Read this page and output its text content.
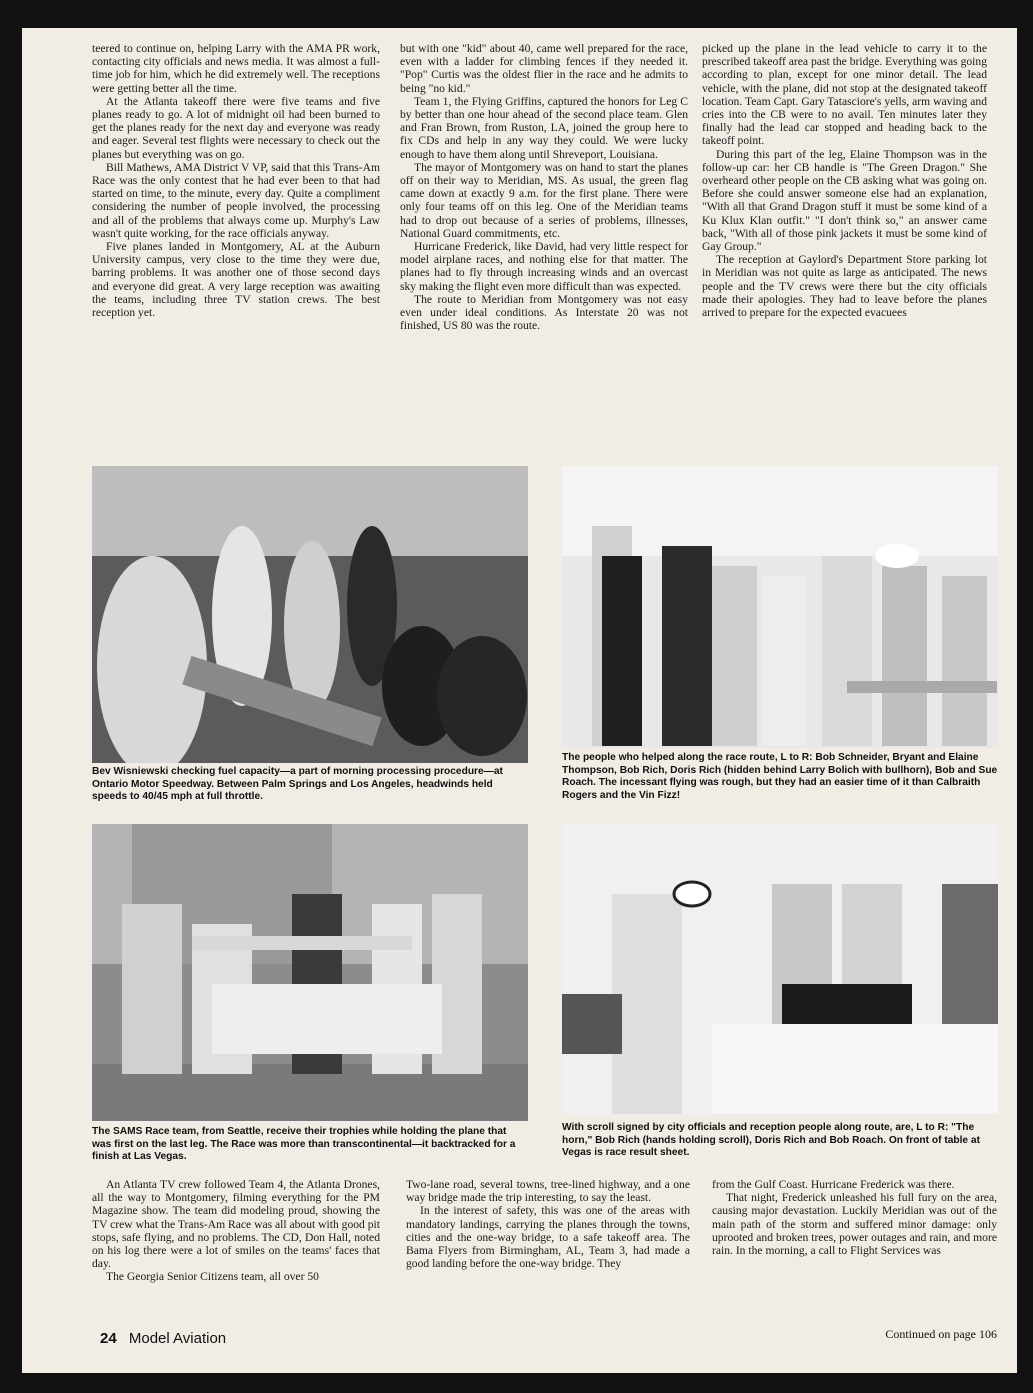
teered to continue on, helping Larry with the AMA PR work, contacting city officials and news media. It was almost a full-time job for him, which he did extremely well. The receptions were getting better all the time.

At the Atlanta takeoff there were five teams and five planes ready to go. A lot of midnight oil had been burned to get the planes ready for the next day and everyone was ready and eager. Several test flights were necessary to check out the planes but everything was on go.

Bill Mathews, AMA District V VP, said that this Trans-Am Race was the only contest that he had ever been to that had started on time, to the minute, every day. Quite a compliment considering the number of people involved, the processing and all of the problems that always come up. Murphy's Law wasn't quite working, for the race officials anyway.

Five planes landed in Montgomery, AL at the Auburn University campus, very close to the time they were due, barring problems. It was another one of those second days and everyone did great. A very large reception was awaiting the teams, including three TV station crews. The best reception yet.

but with one "kid" about 40, came well prepared for the race, even with a ladder for climbing fences if they needed it. "Pop" Curtis was the oldest flier in the race and he admits to being "no kid."

Team 1, the Flying Griffins, captured the honors for Leg C by better than one hour ahead of the second place team. Glen and Fran Brown, from Ruston, LA, joined the group here to fix CDs and help in any way they could. We were lucky enough to have them along until Shreveport, Louisiana.

The mayor of Montgomery was on hand to start the planes off on their way to Meridian, MS. As usual, the green flag came down at exactly 9 a.m. for the first plane. There were only four teams off on this leg. One of the Meridian teams had to drop out because of a series of problems, illnesses, National Guard commitments, etc.

Hurricane Frederick, like David, had very little respect for model airplane races, and nothing else for that matter. The planes had to fly through increasing winds and an overcast sky making the flight even more difficult than was expected.

The route to Meridian from Montgomery was not easy even under ideal conditions. As Interstate 20 was not finished, US 80 was the route.

picked up the plane in the lead vehicle to carry it to the prescribed takeoff area past the bridge. Everything was going according to plan, except for one minor detail. The lead vehicle, with the plane, did not stop at the designated takeoff location. Team Capt. Gary Tatasciore's yells, arm waving and cries into the CB were to no avail. Ten minutes later they finally had the lead car stopped and heading back to the takeoff point.

During this part of the leg, Elaine Thompson was in the follow-up car: her CB handle is "The Green Dragon." She overheard other people on the CB asking what was going on. Before she could answer someone else had an explanation, "With all that Grand Dragon stuff it must be some kind of a Ku Klux Klan outfit." "I don't think so," an answer came back, "With all of those pink jackets it must be some kind of Gay Group."

The reception at Gaylord's Department Store parking lot in Meridian was not quite as large as anticipated. The news people and the TV crews were there but the city officials made their apologies. They had to leave before the planes arrived to prepare for the expected evacuees

Bev Wisniewski checking fuel capacity—a part of morning processing procedure—at Ontario Motor Speedway. Between Palm Springs and Los Angeles, headwinds held speeds to 40/45 mph at full throttle.
The people who helped along the race route, L to R: Bob Schneider, Bryant and Elaine Thompson, Bob Rich, Doris Rich (hidden behind Larry Bolich with bullhorn), Bob and Sue Roach. The incessant flying was rough, but they had an easier time of it than Calbraith Rogers and the Vin Fizz!
The SAMS Race team, from Seattle, receive their trophies while holding the plane that was first on the last leg. The Race was more than transcontinental—it backtracked for a finish at Las Vegas.
With scroll signed by city officials and reception people along route, are, L to R: "The horn," Bob Rich (hands holding scroll), Doris Rich and Bob Roach. On front of table at Vegas is race result sheet.

An Atlanta TV crew followed Team 4, the Atlanta Drones, all the way to Montgomery, filming everything for the PM Magazine show. The team did modeling proud, showing the TV crew what the Trans-Am Race was all about with good pit stops, safe flying, and no problems. The CD, Don Hall, noted on his log there were a lot of smiles on the teams' faces that day.

The Georgia Senior Citizens team, all over 50

Two-lane road, several towns, tree-lined highway, and a one way bridge made the trip interesting, to say the least.

In the interest of safety, this was one of the areas with mandatory landings, carrying the planes through the towns, cities and the one-way bridge, to a safe takeoff area. The Bama Flyers from Birmingham, AL, Team 3, had made a good landing before the one-way bridge. They

from the Gulf Coast. Hurricane Frederick was there.

That night, Frederick unleashed his full fury on the area, causing major devastation. Luckily Meridian was out of the main path of the storm and suffered minor damage: only uprooted and broken trees, power outages and rain, and more rain. In the morning, a call to Flight Services was

Continued on page 106
24 Model Aviation
